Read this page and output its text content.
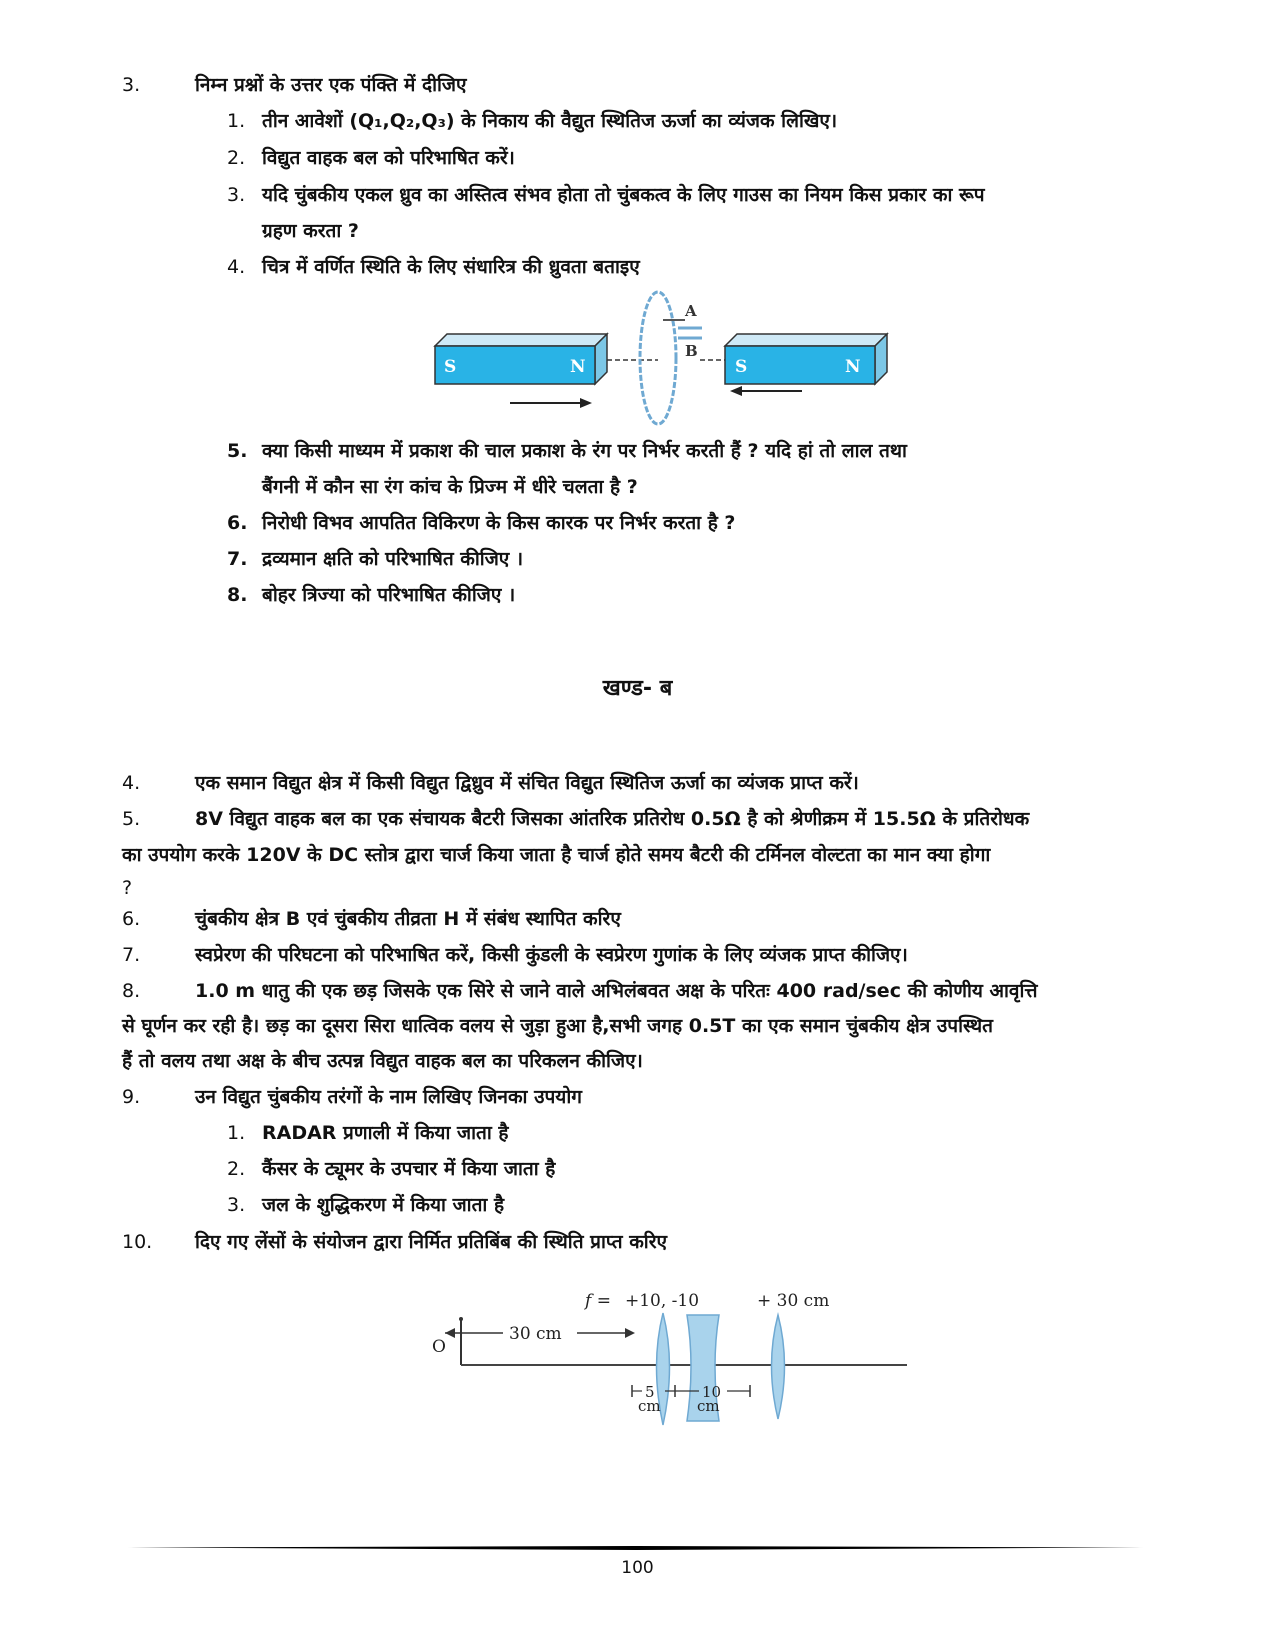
3.	निम्न प्रश्नों के उत्तर एक पंक्ति में दीजिए
1. तीन आवेशों (Q₁,Q₂,Q₃) के निकाय की वैद्युत स्थितिज ऊर्जा का व्यंजक लिखिए।
2. विद्युत वाहक बल को परिभाषित करें।
3. यदि चुंबकीय एकल ध्रुव का अस्तित्व संभव होता तो चुंबकत्व के लिए गाउस का नियम किस प्रकार का रूप
ग्रहण करता ?
4. चित्र में वर्णित स्थिति के लिए संधारित्र की ध्रुवता बताइए
S	N
A
B
S	N
5. क्या किसी माध्यम में प्रकाश की चाल प्रकाश के रंग पर निर्भर करती हैं ? यदि हां तो लाल तथा
बैंगनी में कौन सा रंग कांच के प्रिज्म में धीरे चलता है ?
6. निरोधी विभव आपतित विकिरण के किस कारक पर निर्भर करता है ?
7. द्रव्यमान क्षति को परिभाषित कीजिए ।
8. बोहर त्रिज्या को परिभाषित कीजिए ।
खण्ड- ब
4.	एक समान विद्युत क्षेत्र में किसी विद्युत द्विध्रुव में संचित विद्युत स्थितिज ऊर्जा का व्यंजक प्राप्त करें।
5.	8V विद्युत वाहक बल का एक संचायक बैटरी जिसका आंतरिक प्रतिरोध 0.5Ω है को श्रेणीक्रम में 15.5Ω के प्रतिरोधक
का उपयोग करके 120V के DC स्तोत्र द्वारा चार्ज किया जाता है चार्ज होते समय बैटरी की टर्मिनल वोल्टता का मान क्या होगा
?
6.	चुंबकीय क्षेत्र B एवं चुंबकीय तीव्रता H में संबंध स्थापित करिए
7.	स्वप्रेरण की परिघटना को परिभाषित करें, किसी कुंडली के स्वप्रेरण गुणांक के लिए व्यंजक प्राप्त कीजिए।
8.	1.0 m धातु की एक छड़ जिसके एक सिरे से जाने वाले अभिलंबवत अक्ष के परितः 400 rad/sec की कोणीय आवृत्ति
से घूर्णन कर रही है। छड़ का दूसरा सिरा धात्विक वलय से जुड़ा हुआ है,सभी जगह 0.5T का एक समान चुंबकीय क्षेत्र उपस्थित
हैं तो वलय तथा अक्ष के बीच उत्पन्न विद्युत वाहक बल का परिकलन कीजिए।
9.	उन विद्युत चुंबकीय तरंगों के नाम लिखिए जिनका उपयोग
1. RADAR प्रणाली में किया जाता है
2. कैंसर के ट्यूमर के उपचार में किया जाता है
3. जल के शुद्धिकरण में किया जाता है
10. दिए गए लेंसों के संयोजन द्वारा निर्मित प्रतिबिंब की स्थिति प्राप्त करिए
f = +10, -10	+ 30 cm
O
30 cm
5
cm
10
cm
100
